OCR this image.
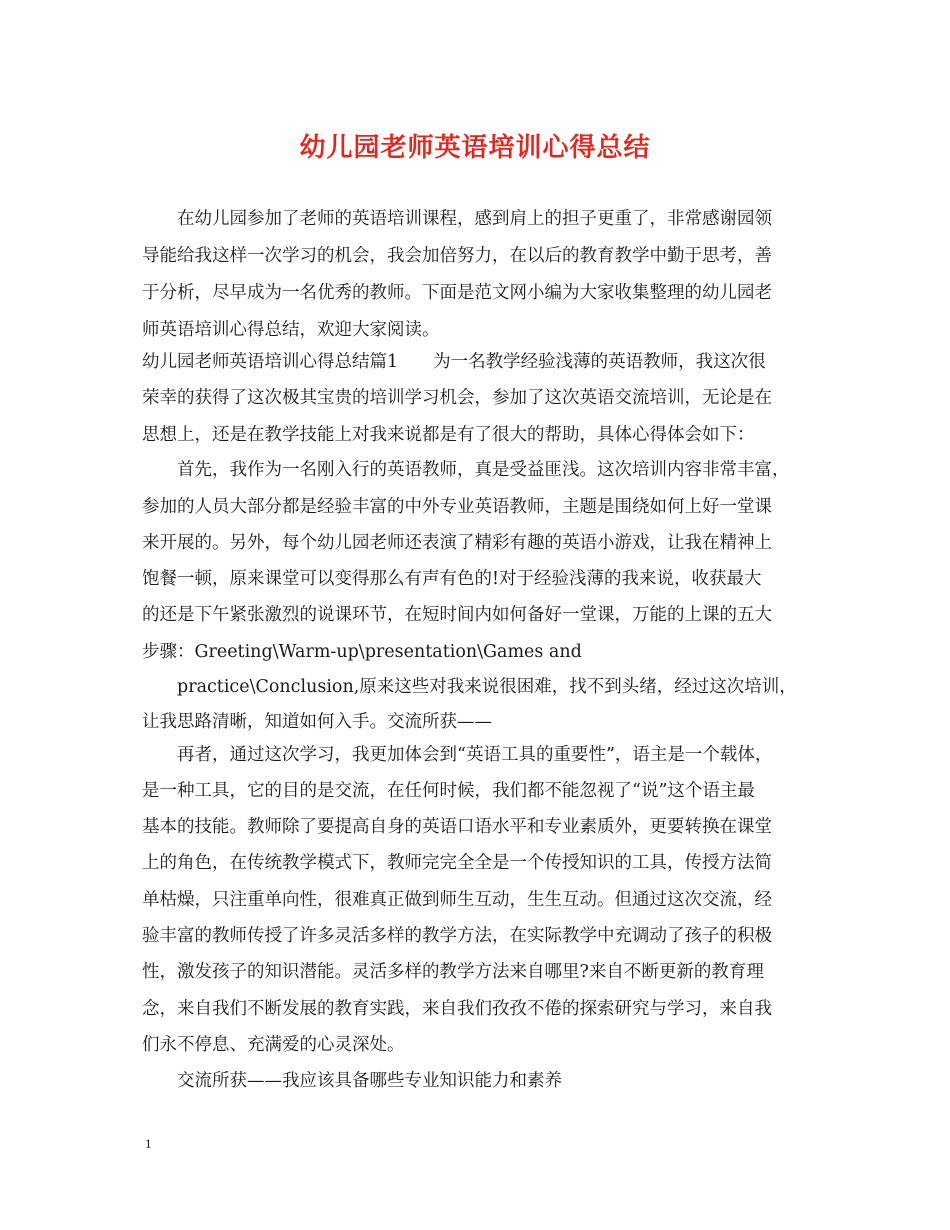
幼儿园老师英语培训心得总结
　　在幼儿园参加了老师的英语培训课程，感到肩上的担子更重了，非常感谢园领
导能给我这样一次学习的机会，我会加倍努力，在以后的教育教学中勤于思考，善
于分析，尽早成为一名优秀的教师。下面是范文网小编为大家收集整理的幼儿园老
师英语培训心得总结，欢迎大家阅读。
幼儿园老师英语培训心得总结篇1　　为一名教学经验浅薄的英语教师，我这次很
荣幸的获得了这次极其宝贵的培训学习机会，参加了这次英语交流培训，无论是在
思想上，还是在教学技能上对我来说都是有了很大的帮助，具体心得体会如下：
　　首先，我作为一名刚入行的英语教师，真是受益匪浅。这次培训内容非常丰富，
参加的人员大部分都是经验丰富的中外专业英语教师，主题是围绕如何上好一堂课
来开展的。另外，每个幼儿园老师还表演了精彩有趣的英语小游戏，让我在精神上
饱餐一顿，原来课堂可以变得那么有声有色的!对于经验浅薄的我来说，收获最大
的还是下午紧张激烈的说课环节，在短时间内如何备好一堂课，万能的上课的五大
步骤：Greeting\Warm-up\presentation\Games and
　　practice\Conclusion,原来这些对我来说很困难，找不到头绪，经过这次培训，
让我思路清晰，知道如何入手。交流所获——
　　再者，通过这次学习，我更加体会到“英语工具的重要性”，语主是一个载体，
是一种工具，它的目的是交流，在任何时候，我们都不能忽视了“说”这个语主最
基本的技能。教师除了要提高自身的英语口语水平和专业素质外，更要转换在课堂
上的角色，在传统教学模式下，教师完完全全是一个传授知识的工具，传授方法简
单枯燥，只注重单向性，很难真正做到师生互动，生生互动。但通过这次交流，经
验丰富的教师传授了许多灵活多样的教学方法，在实际教学中充调动了孩子的积极
性，激发孩子的知识潜能。灵活多样的教学方法来自哪里?来自不断更新的教育理
念，来自我们不断发展的教育实践，来自我们孜孜不倦的探索研究与学习，来自我
们永不停息、充满爱的心灵深处。
　　交流所获——我应该具备哪些专业知识能力和素养
1
